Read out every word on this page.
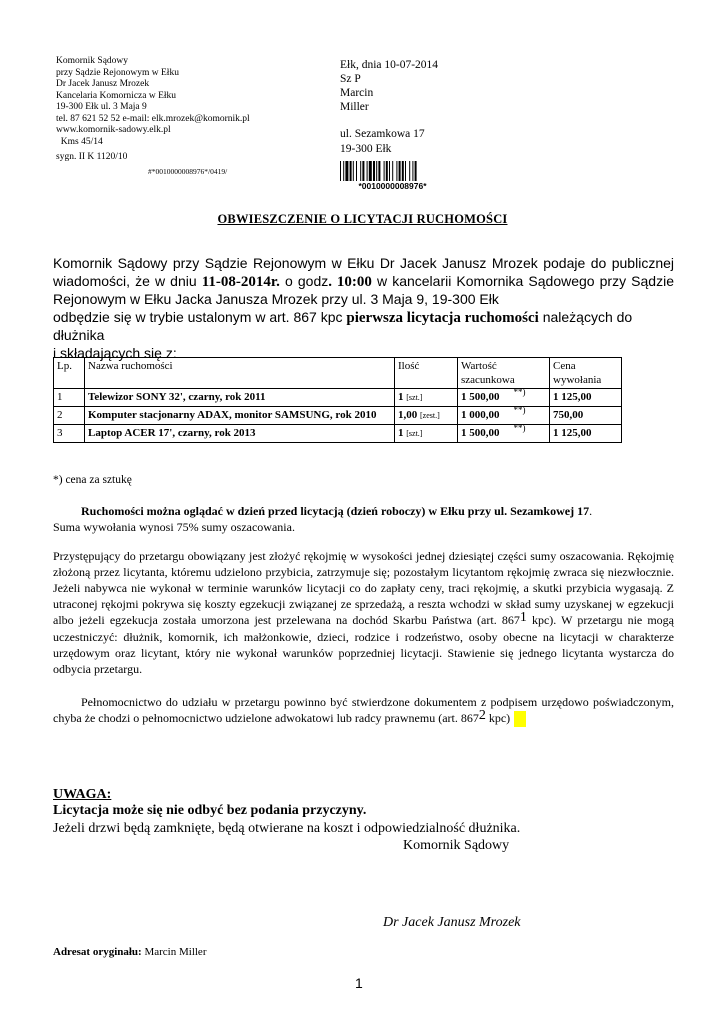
Komornik Sądowy
przy Sądzie Rejonowym w Ełku
Dr Jacek Janusz Mrozek
Kancelaria Komornicza w Ełku
19-300 Ełk ul. 3 Maja 9
tel. 87 621 52 52 e-mail: elk.mrozek@komornik.pl
www.komornik-sadowy.elk.pl
Kms 45/14
sygn. II K 1120/10
#*0010000008976*/0419/
Ełk, dnia 10-07-2014
Sz P
Marcin
Miller
ul. Sezamkowa 17
19-300 Ełk
*0010000008976*
OBWIESZCZENIE O LICYTACJI RUCHOMOŚCI
Komornik Sądowy przy Sądzie Rejonowym w Ełku Dr Jacek Janusz Mrozek podaje do publicznej wiadomości, że w dniu 11-08-2014r. o godz. 10:00 w kancelarii Komornika Sądowego przy Sądzie Rejonowym w Ełku Jacka Janusza Mrozek przy ul. 3 Maja 9, 19-300 Ełk
odbędzie się w trybie ustalonym w art. 867 kpc pierwsza licytacja ruchomości należących do dłużnika
i składających się z:
Lp.	Nazwa ruchomości	Ilość	Wartość szacunkowa	Cena wywołania
1	Telewizor SONY 32', czarny, rok 2011	1 [szt.]	1 500,00 **)	1 125,00
2	Komputer stacjonarny ADAX, monitor SAMSUNG, rok 2010	1,00 [zest.]	1 000,00 **)	750,00
3	Laptop ACER 17', czarny, rok 2013	1 [szt.]	1 500,00 **)	1 125,00
*) cena za sztukę
Ruchomości można oglądać w dzień przed licytacją (dzień roboczy) w Ełku przy ul. Sezamkowej 17.
Suma wywołania wynosi 75% sumy oszacowania.
Przystępujący do przetargu obowiązany jest złożyć rękojmię w wysokości jednej dziesiątej części sumy oszacowania. Rękojmię złożoną przez licytanta, któremu udzielono przybicia, zatrzymuje się; pozostałym licytantom rękojmię zwraca się niezwłocznie. Jeżeli nabywca nie wykonał w terminie warunków licytacji co do zapłaty ceny, traci rękojmię, a skutki przybicia wygasają. Z utraconej rękojmi pokrywa się koszty egzekucji związanej ze sprzedażą, a reszta wchodzi w skład sumy uzyskanej w egzekucji albo jeżeli egzekucja została umorzona jest przelewana na dochód Skarbu Państwa (art. 8671 kpc). W przetargu nie mogą uczestniczyć: dłużnik, komornik, ich małżonkowie, dzieci, rodzice i rodzeństwo, osoby obecne na licytacji w charakterze urzędowym oraz licytant, który nie wykonał warunków poprzedniej licytacji. Stawienie się jednego licytanta wystarcza do odbycia przetargu.
Pełnomocnictwo do udziału w przetargu powinno być stwierdzone dokumentem z podpisem urzędowo poświadczonym, chyba że chodzi o pełnomocnictwo udzielone adwokatowi lub radcy prawnemu (art. 8672 kpc)
UWAGA:
Licytacja może się nie odbyć bez podania przyczyny.
Jeżeli drzwi będą zamknięte, będą otwierane na koszt i odpowiedzialność dłużnika.
Komornik Sądowy
Dr Jacek Janusz Mrozek
Adresat oryginału: Marcin Miller
1
